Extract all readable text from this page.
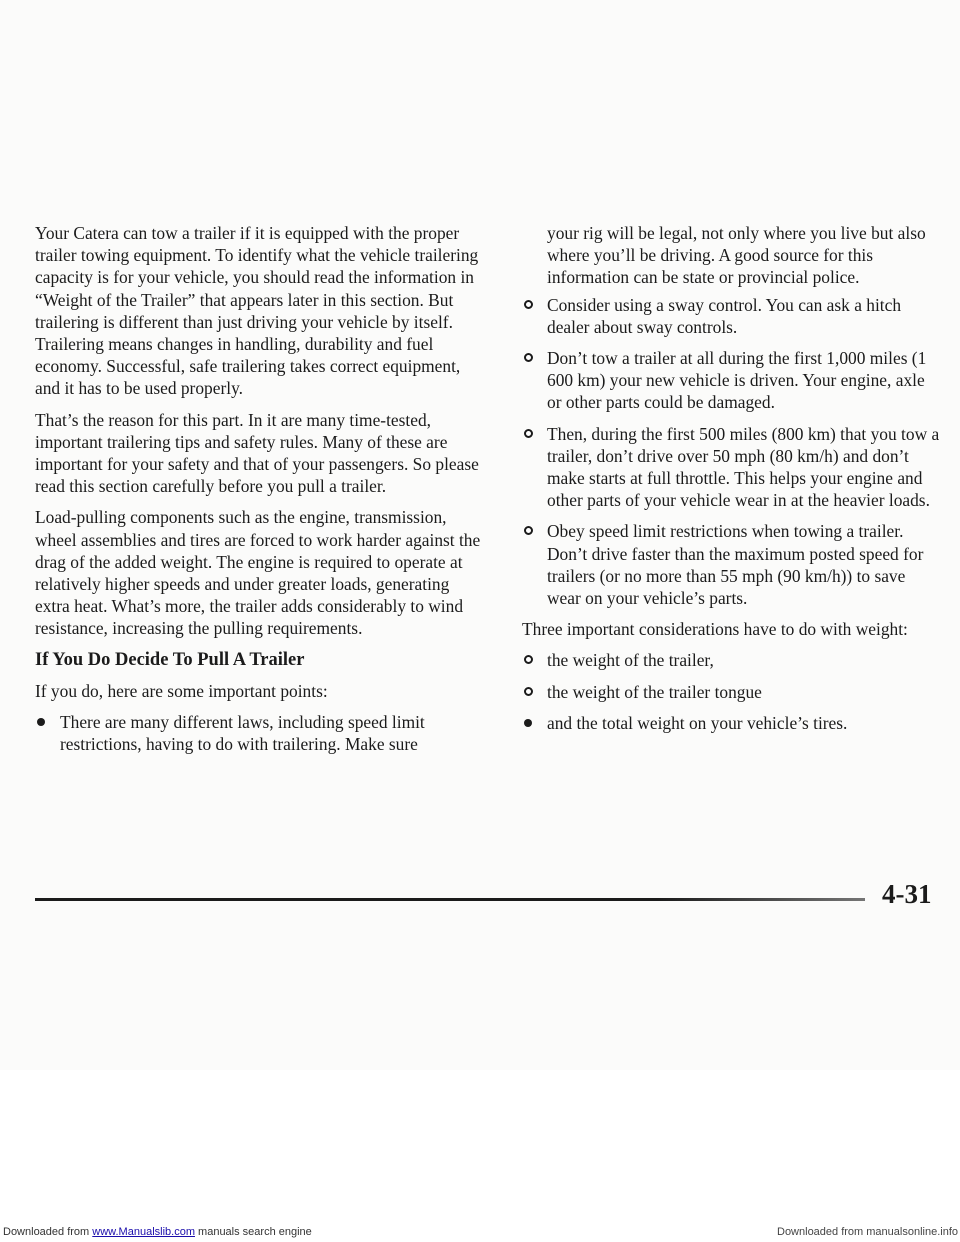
Your Catera can tow a trailer if it is equipped with the proper trailer towing equipment. To identify what the vehicle trailering capacity is for your vehicle, you should read the information in “Weight of the Trailer” that appears later in this section. But trailering is different than just driving your vehicle by itself. Trailering means changes in handling, durability and fuel economy. Successful, safe trailering takes correct equipment, and it has to be used properly.

That’s the reason for this part. In it are many time-tested, important trailering tips and safety rules. Many of these are important for your safety and that of your passengers. So please read this section carefully before you pull a trailer.

Load-pulling components such as the engine, transmission, wheel assemblies and tires are forced to work harder against the drag of the added weight. The engine is required to operate at relatively higher speeds and under greater loads, generating extra heat. What’s more, the trailer adds considerably to wind resistance, increasing the pulling requirements.

If You Do Decide To Pull A Trailer

If you do, here are some important points:

There are many different laws, including speed limit restrictions, having to do with trailering. Make sure

your rig will be legal, not only where you live but also where you’ll be driving. A good source for this information can be state or provincial police.

Consider using a sway control. You can ask a hitch dealer about sway controls.
Don’t tow a trailer at all during the first 1,000 miles (1 600 km) your new vehicle is driven. Your engine, axle or other parts could be damaged.
Then, during the first 500 miles (800 km) that you tow a trailer, don’t drive over 50 mph (80 km/h) and don’t make starts at full throttle. This helps your engine and other parts of your vehicle wear in at the heavier loads.
Obey speed limit restrictions when towing a trailer. Don’t drive faster than the maximum posted speed for trailers (or no more than 55 mph (90 km/h)) to save wear on your vehicle’s parts.

Three important considerations have to do with weight:

the weight of the trailer,
the weight of the trailer tongue
and the total weight on your vehicle’s tires.
4-31
Downloaded from www.Manualslib.com manuals search engine	Downloaded from manualsonline.info
